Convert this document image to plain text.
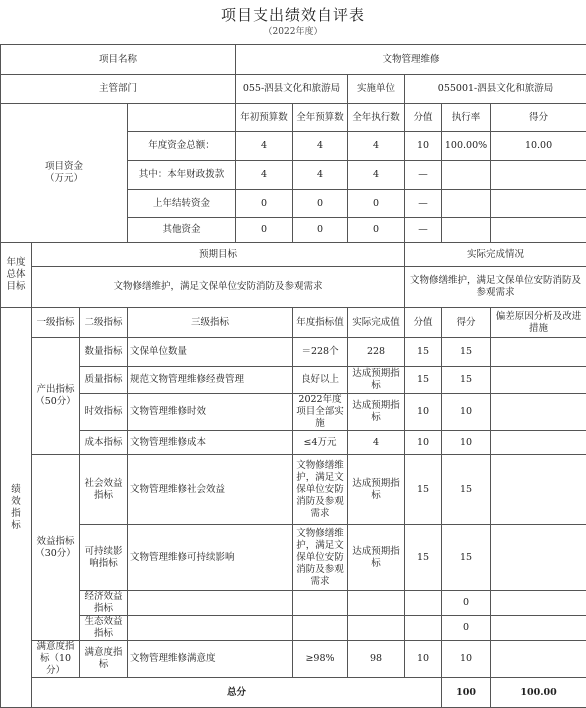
项目支出绩效自评表
（2022年度）
项目名称				文物管理维修						
主管部门				055-泗县文化和旅游局		实施单位	055001-泗县文化和旅游局			
项目资金
（万元）				年初预算数	全年预算数	全年执行数	分值	执行率	得分	
			年度资金总额：	4	4	4	10	100.00%	10.00	
			其中：本年财政拨款	4	4	4	—			
			上年结转资金	0	0	0	—			
			其他资金	0	0	0	—			
年度总体目标	预期目标						实际完成情况			
	文物修缮维护，满足文保单位安防消防及参观需求						文物修缮维护，满足文保单位安防消防及参观需求			
绩
效
指
标	一级指标	二级指标	三级指标		年度指标值	实际完成值	分值	得分	偏差原因分析及改进措施	
	产出指标（50分）	数量指标	文保单位数量		＝228个	228	15	15		
		质量指标	规范文物管理维修经费管理		良好以上	达成预期指标	15	15		
		时效指标	文物管理维修时效		2022年度项目全部实施	达成预期指标	10	10		
		成本指标	文物管理维修成本		≤4万元	4	10	10		
	效益指标（30分）	社会效益指标	文物管理维修社会效益		文物修缮维护，满足文保单位安防消防及参观需求	达成预期指标	15	15		
		可持续影响指标	文物管理维修可持续影响		文物修缮维护，满足文保单位安防消防及参观需求	达成预期指标	15	15		
		经济效益指标						0		
		生态效益指标						0		
	满意度指标（10分）	满意度指标	文物管理维修满意度		≥98%	98	10	10		
	总分							100	100.00	
